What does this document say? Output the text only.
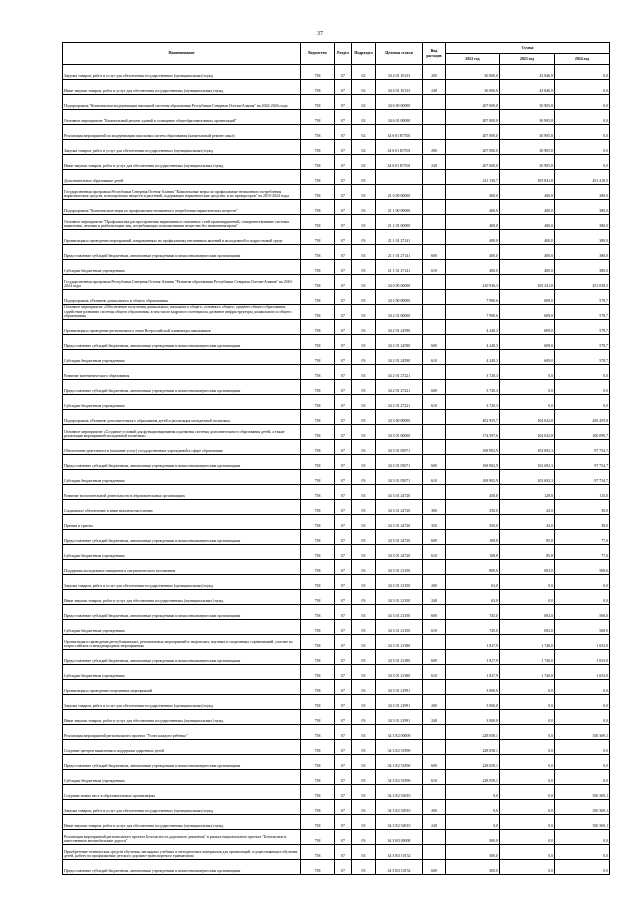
37
Наименование	Ведомство	Раздел	Подраздел	Целевая статья	Вид расходов	Сумма		
						2022 год	2023 год	2024 год
Закупка товаров, работ и услуг для обеспечения государственных (муниципальных) нужд	738	07	02	34 4 01 10133	200	30 000,0	43 846,9	0,0
Иные закупки товаров, работ и услуг для обеспечения государственных (муниципальных) нужд	738	07	02	34 4 01 10133	240	30 000,0	43 846,9	0,0
Подпрограмма "Комплексная модернизация школьной системы образования Республики Северная Осетия-Алания" на 2022-2026 годы	738	07	02	34 6 00 00000		207 000,0	30 905,8	0,0
Основное мероприятие "Капитальный ремонт зданий и оснащение общеобразовательных организаций"	738	07	02	34 6 01 00000		207 000,0	30 905,8	0,0
Реализация мероприятий по модернизации школьных систем образования (капитальный ремонт школ)	738	07	02	34 6 01 R7501		207 000,0	30 905,8	0,0
Закупка товаров, работ и услуг для обеспечения государственных (муниципальных) нужд	738	07	02	34 6 01 R7501	200	207 000,0	30 905,8	0,0
Иные закупки товаров, работ и услуг для обеспечения государственных (муниципальных) нужд	738	07	02	34 6 01 R7501	240	207 000,0	30 905,8	0,0
Дополнительное образование детей	738	07	03			411 130,7	105 841,8	451 418,5
Государственная программа Республики Северная Осетия-Алания "Комплексные меры по профилактике незаконного потребления наркотических средств, психотропных веществ и растений, содержащих наркотические средства, и их прекурсоров" на 2015-2024 годы	738	07	03	21 0 00 00000		400,0	400,0	380,0
Подпрограмма "Комплексные меры по профилактике незаконного потребления наркотических веществ"	738	07	03	21 1 00 00000		400,0	400,0	380,0
Основное мероприятие "Профилактика распространения наркомании и связанных с ней правонарушений, совершенствование системы выявления, лечения и реабилитации лиц, потребляющих психоактивные вещества без назначения врача"	738	07	03	21 1 01 00000		400,0	400,0	380,0
Организация и проведение мероприятий, направленных на профилактику негативных явлений в молодежной и подростковой среде	738	07	03	21 1 01 27141		400,0	400,0	380,0
Предоставление субсидий бюджетным, автономным учреждениям и иным некоммерческим организациям	738	07	03	21 1 01 27141	600	400,0	400,0	380,0
Субсидии бюджетным учреждениям	738	07	03	21 1 01 27141	610	400,0	400,0	380,0
Государственная программа Республики Северная Осетия-Алания "Развитие образования Республики Северная Осетия-Алания" на 2016-2024 годы	738	07	03	34 0 00 00000		410 936,3	105 241,8	451 038,5
Подпрограмма «Развитие дошкольного и общего образования»	738	07	03	34 2 00 00000		7 980,6	609,0	578,7
Основное мероприятие «Обеспечение получения дошкольного, начального общего, основного общего, среднего общего образования, содействие развитию системы общего образования, в том числе кадрового потенциала, развитие инфраструктуры дошкольного и общего образования»	738	07	03	34 2 01 00000		7 980,6	609,0	578,7
Организация и проведение регионального этапа Всероссийской олимпиады школьников	738	07	03	34 2 01 24590		4 240,3	609,0	578,7
Предоставление субсидий бюджетным, автономным учреждениям и иным некоммерческим организациям	738	07	03	34 2 01 24590	600	4 240,3	609,0	578,7
Субсидии бюджетным учреждениям	738	07	03	34 2 01 24590	610	4 240,3	609,0	578,7
Развитие математического образования	738	07	03	34 2 01 27221		3 720,3	0,0	0,0
Предоставление субсидий бюджетным, автономным учреждениям и иным некоммерческим организациям	738	07	03	34 2 01 27221	600	3 720,3	0,0	0,0
Субсидии бюджетным учреждениям	738	07	03	34 2 01 27221	610	3 720,3	0,0	0,0
Подпрограмма «Развитие дополнительного образования детей и реализация молодежной политики»	738	07	03	34 3 00 00000		402 955,7	104 632,8	450 459,8
Основное мероприятие «Создание условий для функционирования и развития системы дополнительного образования детей, а также реализация мероприятий молодежной политики»	738	07	03	34 3 01 00000		174 597,6	104 632,8	100 090,7
Обеспечение деятельности (оказание услуг) государственных учреждений в сфере образования	738	07	03	34 3 01 05071		168 902,9	102 692,3	97 754,7
Предоставление субсидий бюджетным, автономным учреждениям и иным некоммерческим организациям	738	07	03	34 3 01 05071	600	168 902,9	102 692,3	97 754,7
Субсидии бюджетным учреждениям	738	07	03	34 3 01 05071	610	168 902,9	102 692,3	97 754,7
Развитие воспитательной деятельности в образовательных организациях	738	07	03	34 3 01 24720		458,8	128,8	115,0
Социальное обеспечение и иные выплаты населению	738	07	03	34 3 01 24720	300	350,0	43,0	38,0
Премии и гранты	738	07	03	34 3 01 24720	350	350,0	43,0	38,0
Предоставление субсидий бюджетным, автономным учреждениям и иным некоммерческим организациям	738	07	03	34 3 01 24720	600	108,8	85,8	77,0
Субсидии бюджетным учреждениям	738	07	03	34 3 01 24720	610	108,8	85,8	77,0
Поддержка молодежных инициатив и патриотического воспитания	738	07	03	34 3 01 21350		808,0	692,0	568,0
Закупка товаров, работ и услуг для обеспечения государственных (муниципальных) нужд	738	07	03	34 3 01 21350	200	63,0	0,0	0,0
Иные закупки товаров, работ и услуг для обеспечения государственных (муниципальных) нужд	738	07	03	34 3 01 21350	240	63,0	0,0	0,0
Предоставление субсидий бюджетным, автономным учреждениям и иным некоммерческим организациям	738	07	03	34 3 01 21350	600	745,0	692,0	568,0
Субсидии бюджетным учреждениям	738	07	03	34 3 01 21350	610	745,0	692,0	568,0
Организация и проведение республиканских, региональных мероприятий и творческих, научных и спортивных соревнований, участие во всероссийских и международных мероприятиях	738	07	03	34 3 01 21380		1 827,9	1 740,0	1 653,0
Предоставление субсидий бюджетным, автономным учреждениям и иным некоммерческим организациям	738	07	03	34 3 01 21380	600	1 827,9	1 740,0	1 653,0
Субсидии бюджетным учреждениям	738	07	03	34 3 01 21380	610	1 827,9	1 740,0	1 653,0
Организация и проведение спортивных мероприятий	738	07	03	34 3 01 21991		3 000,0	0,0	0,0
Закупка товаров, работ и услуг для обеспечения государственных (муниципальных) нужд	738	07	03	34 3 01 21991	200	3 000,0	0,0	0,0
Иные закупки товаров, работ и услуг для обеспечения государственных (муниципальных) нужд	738	07	03	34 3 01 21991	240	3 000,0	0,0	0,0
Реализация мероприятий регионального проекта "Успех каждого ребенка"	738	07	03	34 3 E2 00000		228 058,1	0,0	350 369,1
Создание центров выявления и поддержки одаренных детей	738	07	03	34 3 E2 51890		228 058,1	0,0	0,0
Предоставление субсидий бюджетным, автономным учреждениям и иным некоммерческим организациям	738	07	03	34 3 E2 51890	600	228 058,1	0,0	0,0
Субсидии бюджетным учреждениям	738	07	03	34 3 E2 51890	610	228 058,1	0,0	0,0
Создание новых мест в образовательных организациях	738	07	03	34 3 E2 54910		0,0	0,0	350 369,1
Закупка товаров, работ и услуг для обеспечения государственных (муниципальных) нужд	738	07	03	34 3 E2 54910	200	0,0	0,0	350 369,1
Иные закупки товаров, работ и услуг для обеспечения государственных (муниципальных) нужд	738	07	03	34 3 E2 54910	240	0,0	0,0	350 369,1
Реализация мероприятий регионального проекта Безопасность дорожного движения" в рамках национального проекта "Безопасные и качественные автомобильные дороги"	738	07	03	34 3 R3 00000		300,0	0,0	0,0
Приобретение технических средств обучения, наглядных учебных и методических материалов для организаций, осуществляющих обучение детей, работу по профилактике детского дорожно-транспортного травматизма	738	07	03	34 3 R3 10152		300,0	0,0	0,0
Предоставление субсидий бюджетным, автономным учреждениям и иным некоммерческим организациям	738	07	03	34 3 R3 10152	600	300,0	0,0	0,0
